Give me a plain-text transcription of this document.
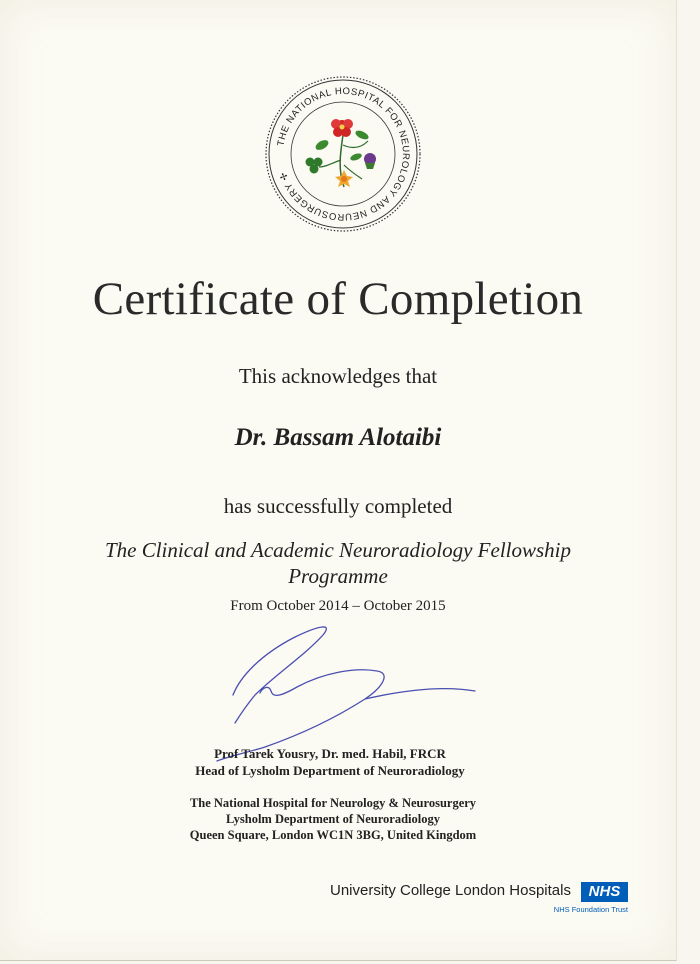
THE NATIONAL HOSPITAL FOR NEUROLOGY AND NEUROSURGERY ✢
Certificate of Completion
This acknowledges that
Dr. Bassam Alotaibi
has successfully completed
The Clinical and Academic Neuroradiology Fellowship Programme
From October 2014 – October 2015
Prof Tarek Yousry, Dr. med. Habil, FRCR
Head of Lysholm Department of Neuroradiology
The National Hospital for Neurology & Neurosurgery
Lysholm Department of Neuroradiology
Queen Square, London WC1N 3BG, United Kingdom
University College London Hospitals	NHS
NHS Foundation Trust
